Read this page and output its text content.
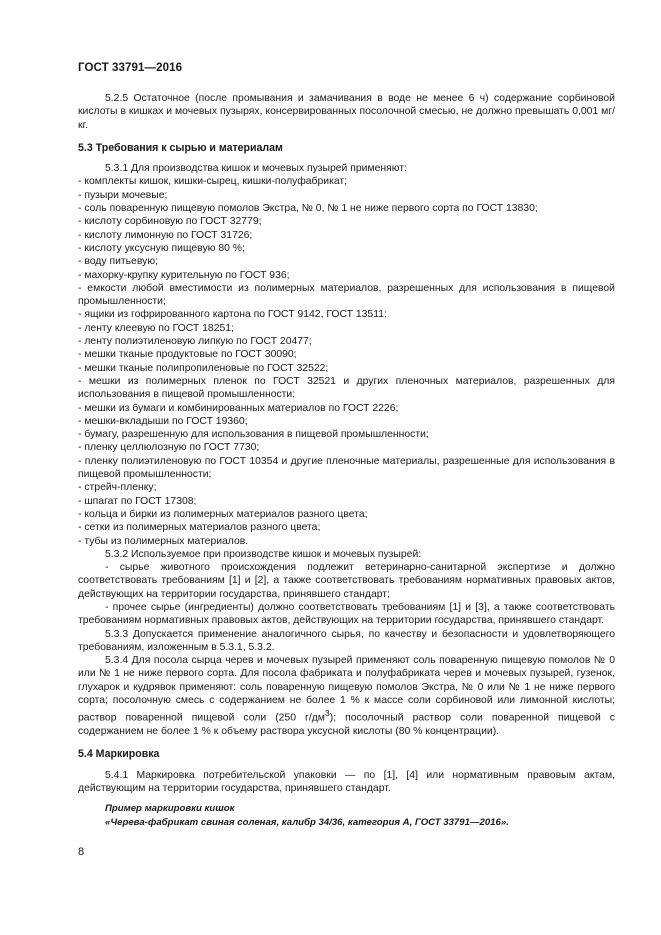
ГОСТ 33791—2016

5.2.5 Остаточное (после промывания и замачивания в воде не менее 6 ч) содержание сорбиновой кислоты в кишках и мочевых пузырях, консервированных посолочной смесью, не должно превышать 0,001 мг/кг.

5.3 Требования к сырью и материалам

5.3.1 Для производства кишок и мочевых пузырей применяют:

- комплекты кишок, кишки-сырец, кишки-полуфабрикат;

- пузыри мочевые;

- соль поваренную пищевую помолов Экстра, № 0, № 1 не ниже первого сорта по ГОСТ 13830;

- кислоту сорбиновую по ГОСТ 32779;

- кислоту лимонную по ГОСТ 31726;

- кислоту уксусную пищевую 80 %;

- воду питьевую;

- махорку-крупку курительную по ГОСТ 936;

- емкости любой вместимости из полимерных материалов, разрешенных для использования в пищевой промышленности;

- ящики из гофрированного картона по ГОСТ 9142, ГОСТ 13511;

- ленту клеевую по ГОСТ 18251;

- ленту полиэтиленовую липкую по ГОСТ 20477;

- мешки тканые продуктовые по ГОСТ 30090;

- мешки тканые полипропиленовые по ГОСТ 32522;

- мешки из полимерных пленок по ГОСТ 32521 и других пленочных материалов, разрешенных для использования в пищевой промышленности;

- мешки из бумаги и комбинированных материалов по ГОСТ 2226;

- мешки-вкладыши по ГОСТ 19360;

- бумагу, разрешенную для использования в пищевой промышленности;

- пленку целлюлозную по ГОСТ 7730;

- пленку полиэтиленовую по ГОСТ 10354 и другие пленочные материалы, разрешенные для использования в пищевой промышленности;

- стрейч-пленку;

- шпагат по ГОСТ 17308;

- кольца и бирки из полимерных материалов разного цвета;

- сетки из полимерных материалов разного цвета;

- тубы из полимерных материалов.

5.3.2 Используемое при производстве кишок и мочевых пузырей:

- сырье животного происхождения подлежит ветеринарно-санитарной экспертизе и должно соответствовать требованиям [1] и [2], а также соответствовать требованиям нормативных правовых актов, действующих на территории государства, принявшего стандарт;

- прочее сырье (ингредиенты) должно соответствовать требованиям [1] и [3], а также соответствовать требованиям нормативных правовых актов, действующих на территории государства, принявшего стандарт.

5.3.3 Допускается применение аналогичного сырья, по качеству и безопасности и удовлетворяющего требованиям, изложенным в 5.3.1, 5.3.2.

5.3.4 Для посола сырца черев и мочевых пузырей применяют соль поваренную пищевую помолов № 0 или № 1 не ниже первого сорта. Для посола фабриката и полуфабриката черев и мочевых пузырей, гузенок, глухарок и кудрявок применяют: соль поваренную пищевую помолов Экстра, № 0 или № 1 не ниже первого сорта; посолочную смесь с содержанием не более 1 % к массе соли сорбиновой или лимонной кислоты; раствор поваренной пищевой соли (250 $г/дм^3$); посолочный раствор соли поваренной пищевой с содержанием не более 1 % к объему раствора уксусной кислоты (80 % концентрации).

5.4 Маркировка

5.4.1 Маркировка потребительской упаковки — по [1], [4] или нормативным правовым актам, действующим на территории государства, принявшего стандарт.

Пример маркировки кишок

«Черева-фабрикат свиная соленая, калибр 34/36, категория А, ГОСТ 33791—2016».

8
